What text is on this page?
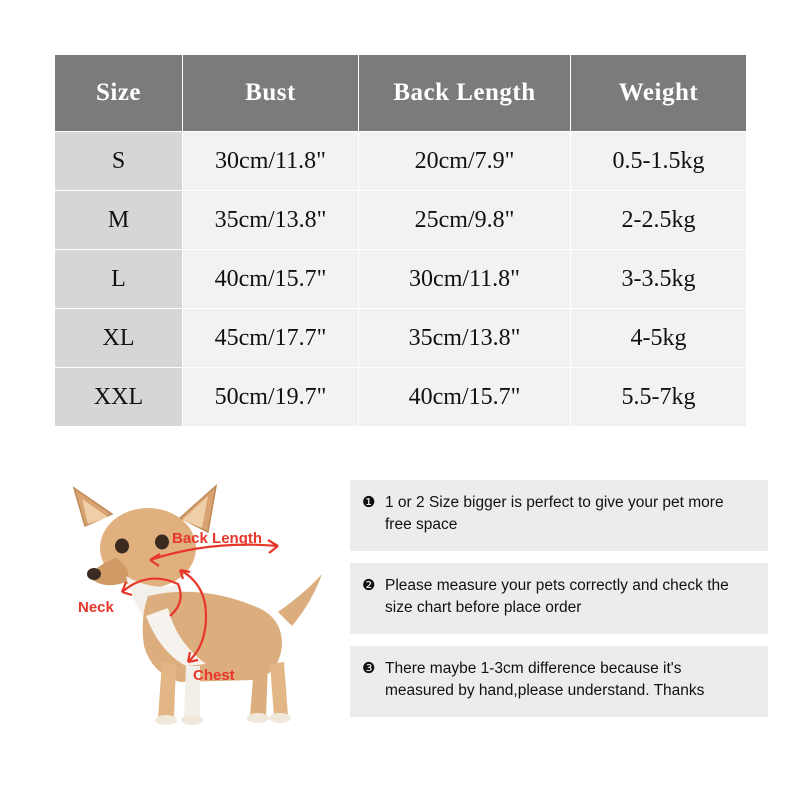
Size	Bust	Back Length	Weight
S	30cm/11.8"	20cm/7.9"	0.5-1.5kg
M	35cm/13.8"	25cm/9.8"	2-2.5kg
L	40cm/15.7"	30cm/11.8"	3-3.5kg
XL	45cm/17.7"	35cm/13.8"	4-5kg
XXL	50cm/19.7"	40cm/15.7"	5.5-7kg
Back Length
Neck
Chest
❶ 1 or 2 Size bigger is perfect to give your pet more free space
❷ Please measure your pets correctly and check the size chart before place order
❸ There maybe 1-3cm difference because it's measured by hand,please understand. Thanks
